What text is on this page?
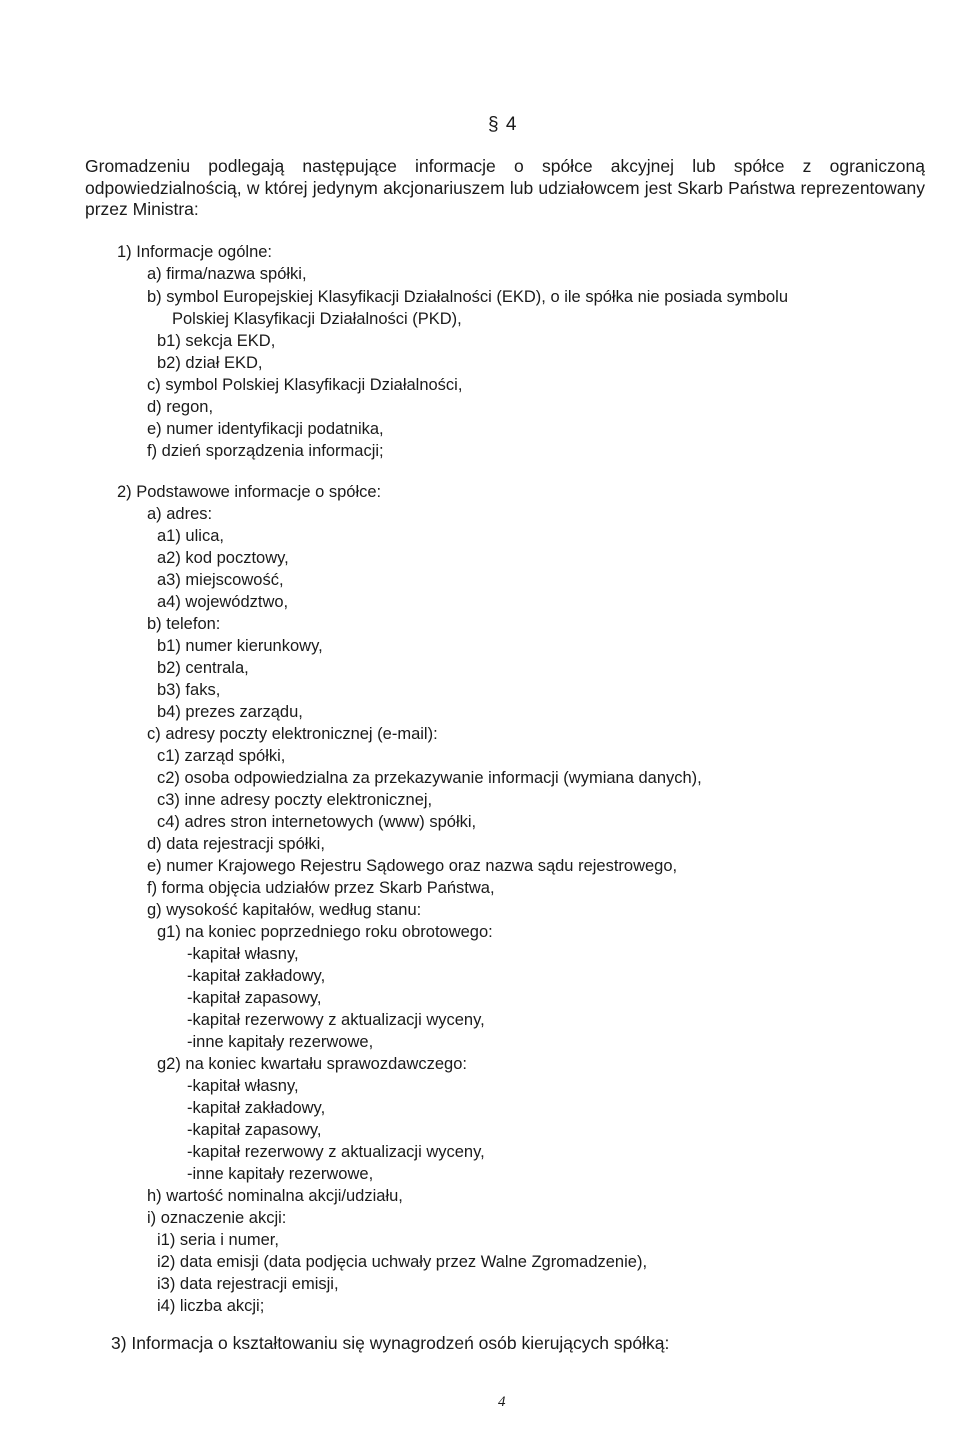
§ 4
Gromadzeniu podlegają następujące informacje o spółce akcyjnej lub spółce z ograniczoną odpowiedzialnością, w której jedynym akcjonariuszem lub udziałowcem jest Skarb Państwa reprezentowany przez Ministra:
1) Informacje ogólne:
a) firma/nazwa spółki,
b) symbol Europejskiej Klasyfikacji Działalności (EKD), o ile spółka nie posiada symbolu
Polskiej Klasyfikacji Działalności (PKD),
b1) sekcja EKD,
b2) dział EKD,
c) symbol Polskiej Klasyfikacji Działalności,
d) regon,
e) numer identyfikacji podatnika,
f) dzień sporządzenia informacji;
2) Podstawowe informacje o spółce:
a) adres:
a1) ulica,
a2) kod pocztowy,
a3) miejscowość,
a4) województwo,
b) telefon:
b1) numer kierunkowy,
b2) centrala,
b3) faks,
b4) prezes zarządu,
c) adresy poczty elektronicznej (e-mail):
c1) zarząd spółki,
c2) osoba odpowiedzialna za przekazywanie informacji (wymiana danych),
c3) inne adresy poczty elektronicznej,
c4) adres stron internetowych (www) spółki,
d) data rejestracji spółki,
e) numer Krajowego Rejestru Sądowego oraz nazwa sądu rejestrowego,
f) forma objęcia udziałów przez Skarb Państwa,
g) wysokość kapitałów, według stanu:
g1) na koniec poprzedniego roku obrotowego:
-kapitał własny,
-kapitał zakładowy,
-kapitał zapasowy,
-kapitał rezerwowy z aktualizacji wyceny,
-inne kapitały rezerwowe,
g2) na koniec kwartału sprawozdawczego:
-kapitał własny,
-kapitał zakładowy,
-kapitał zapasowy,
-kapitał rezerwowy z aktualizacji wyceny,
-inne kapitały rezerwowe,
h) wartość nominalna akcji/udziału,
i) oznaczenie akcji:
i1) seria i numer,
i2) data emisji (data podjęcia uchwały przez Walne Zgromadzenie),
i3) data rejestracji emisji,
i4) liczba akcji;
3) Informacja o kształtowaniu się wynagrodzeń osób kierujących spółką:
4
